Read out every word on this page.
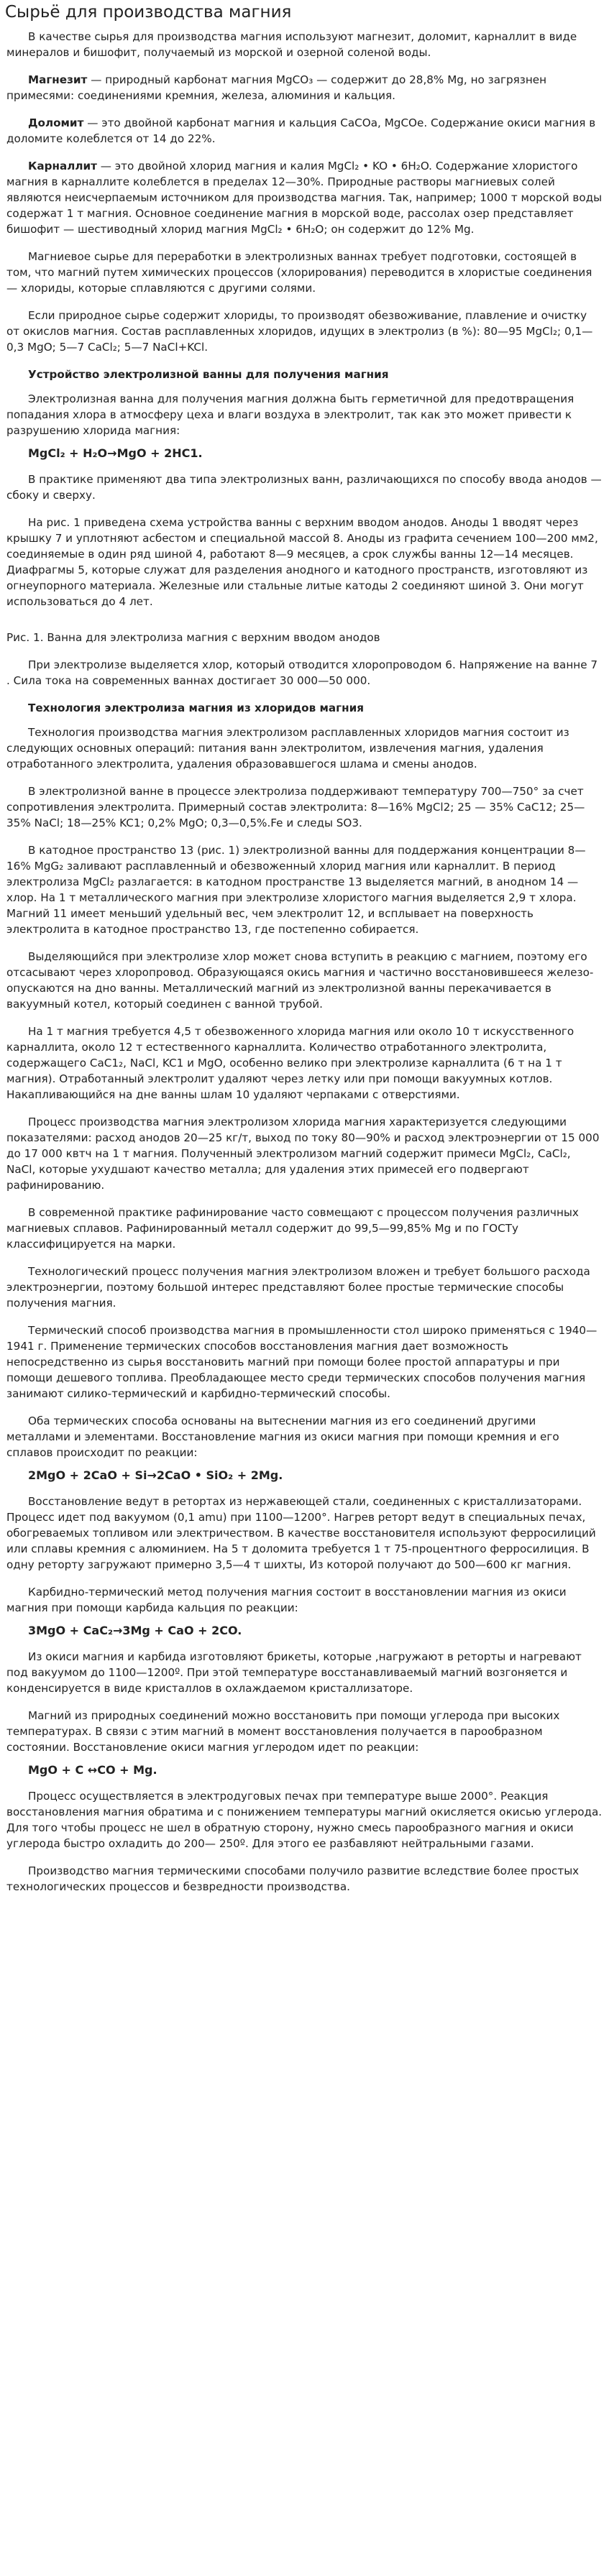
Сырьё для производства магния
В качестве сырья для производства магния используют магнезит, доломит, карналлит в виде минералов и бишофит, получаемый из морской и озерной соленой воды.
Магнезит — природный карбонат магния MgCO₃ — содержит до 28,8% Mg, но загрязнен примесями: соединениями кремния, железа, алюминия и кальция.
Доломит — это двойной карбонат магния и кальция CaCOа, MgCOе. Содержание окиси магния в доломите колеблется от 14 до 22%.
Карналлит — это двойной хлорид магния и калия MgCl₂ • KO • 6H₂O. Содержание хлористого магния в карналлите колеблется в пределах 12—30%. Природные растворы магниевых солей являются неисчерпаемым источником для производства магния. Так, например; 1000 т морской воды содержат 1 т магния. Основное соединение магния в морской воде, рассолах озер представляет бишофит — шестиводный хлорид магния MgCl₂ • 6H₂O; он содержит до 12% Mg.
Магниевое сырье для переработки в электролизных ваннах требует подготовки, состоящей в том, что магний путем химических процессов (хлорирования) переводится в хлористые соединения — хлориды, которые сплавляются с другими солями.
Если природное сырье содержит хлориды, то производят обезвоживание, плавление и очистку от окислов магния. Состав расплавленных хлоридов, идущих в электролиз (в %): 80—95 MgCl₂; 0,1—0,3 MgO; 5—7 CaCl₂; 5—7 NaCl+KCl.
Устройство электролизной ванны для получения магния
Электролизная ванна для получения магния должна быть герметичной для предотвращения попадания хлора в атмосферу цеха и влаги воздуха в электролит, так как это может привести к разрушению хлорида магния:
MgCl₂ + H₂O→MgO + 2HC1.
В практике применяют два типа электролизных ванн, различающихся по способу ввода анодов — сбоку и сверху.
На рис. 1 приведена схема устройства ванны с верхним вводом анодов. Аноды 1 вводят через крышку 7 и уплотняют асбестом и специальной массой 8. Аноды из графита сечением 100—200 мм2, соединяемые в один ряд шиной 4, работают 8—9 месяцев, а срок службы ванны 12—14 месяцев. Диафрагмы 5, которые служат для разделения анодного и катодного пространств, изготовляют из огнеупорного материала. Железные или стальные литые катоды 2 соединяют шиной 3. Они могут использоваться до 4 лет.
Рис. 1. Ванна для электролиза магния с верхним вводом анодов
При электролизе выделяется хлор, который отводится хлоропроводом 6. Напряжение на ванне 7 . Сила тока на современных ваннах достигает 30 000—50 000.
Технология электролиза магния из хлоридов магния
Технология производства магния электролизом расплавленных хлоридов магния состоит из следующих основных операций: питания ванн электролитом, извлечения магния, удаления отработанного электролита, удаления образовавшегося шлама и смены анодов.
В электролизной ванне в процессе электролиза поддерживают температуру 700—750° за счет сопротивления электролита. Примерный состав электролита: 8—16% MgCl2; 25 — 35% CaC12; 25—35% NaCl; 18—25% KC1; 0,2% MgO; 0,3—0,5%.Fe и следы SO3.
В катодное пространство 13 (рис. 1) электролизной ванны для поддержания концентрации 8—16% MgG₂ заливают расплавленный и обезвоженный хлорид магния или карналлит. В период электролиза MgCl₂ разлагается: в катодном пространстве 13 выделяется магний, в анодном 14 — хлор. На 1 т металлического магния при электролизе хлористого магния выделяется 2,9 т хлора. Магний 11 имеет меньший удельный вес, чем электролит 12, и всплывает на поверхность электролита в катодное пространство 13, где постепенно собирается.
Выделяющийся при электролизе хлор может снова вступить в реакцию с магнием, поэтому его отсасывают через хлоропровод. Образующаяся окись магния и частично восстановившееся железо- опускаются на дно ванны. Металлический магний из электролизной ванны перекачивается в вакуумный котел, который соединен с ванной трубой.
На 1 т магния требуется 4,5 т обезвоженного хлорида магния или около 10 т искусственного карналлита, около 12 т естественного карналлита. Количество отработанного электролита, содержащего CaC1₂, NaCl, KC1 и MgO, особенно велико при электролизе карналлита (6 т на 1 т магния). Отработанный электролит удаляют через летку или при помощи вакуумных котлов. Накапливающийся на дне ванны шлам 10 удаляют черпаками с отверстиями.
Процесс производства магния электролизом хлорида магния характеризуется следующими показателями: расход анодов 20—25 кг/т, выход по току 80—90% и расход электроэнергии от 15 000 до 17 000 квтч на 1 т магния. Полученный электролизом магний содержит примеси MgCl₂, CaCl₂, NaCl, которые ухудшают качество металла; для удаления этих примесей его подвергают рафинированию.
В современной практике рафинирование часто совмещают с процессом получения различных магниевых сплавов. Рафинированный металл содержит до 99,5—99,85% Mg и по ГОСТу классифицируется на марки.
Технологический процесс получения магния электролизом вложен и требует большого расхода электроэнергии, поэтому большой интерес представляют более простые термические способы получения магния.
Термический способ производства магния в промышленности стол широко применяться с 1940—1941 г. Применение термических способов восстановления магния дает возможность непосредственно из сырья восстановить магний при помощи более простой аппаратуры и при помощи дешевого топлива. Преобладающее место среди термических способов получения магния занимают силико-термический и карбидно-термический способы.
Оба термических способа основаны на вытеснении магния из его соединений другими металлами и элементами. Восстановление магния из окиси магния при помощи кремния и его сплавов происходит по реакции:
2MgO + 2CaO + Si→2CaO • SiO₂ + 2Mg.
Восстановление ведут в ретортах из нержавеющей стали, соединенных с кристаллизаторами. Процесс идет под вакуумом (0,1 amu) при 1100—1200°. Нагрев реторт ведут в специальных печах, обогреваемых топливом или электричеством. В качестве восстановителя используют ферросилиций или сплавы кремния с алюминием. На 5 т доломита требуется 1 т 75-процентного ферросилиция. В одну реторту загружают примерно 3,5—4 т шихты, Из которой получают до 500—600 кг магния.
Карбидно-термический метод получения магния состоит в восстановлении магния из окиси магния при помощи карбида кальция по реакции:
3MgO + CaC₂→3Mg + CaO + 2CO.
Из окиси магния и карбида изготовляют брикеты, которые ,нагружают в реторты и нагревают под вакуумом до 1100—1200º. При этой температуре восстанавливаемый магний возгоняется и конденсируется в виде кристаллов в охлаждаемом кристаллизаторе.
Магний из природных соединений можно восстановить при помощи углерода при высоких температурах. В связи с этим магний в момент восстановления получается в парообразном состоянии. Восстановление окиси магния углеродом идет по реакции:
MgO + C ↔CO + Mg.
Процесс осуществляется в электродуговых печах при температуре выше 2000°. Реакция восстановления магния обратима и с понижением температуры магний окисляется окисью углерода. Для того чтобы процесс не шел в обратную сторону, нужно смесь парообразного магния и окиси углерода быстро охладить до 200— 250º. Для этого ее разбавляют нейтральными газами.
Производство магния термическими способами получило развитие вследствие более простых технологических процессов и безвредности производства.
